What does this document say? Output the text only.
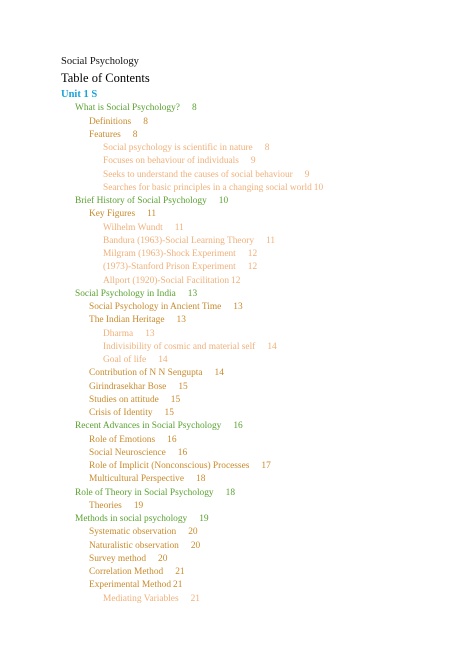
Social Psychology
Table of Contents
Unit 1 S
What is Social Psychology? 8
Definitions 8
Features 8
Social psychology is scientific in nature 8
Focuses on behaviour of individuals 9
Seeks to understand the causes of social behaviour 9
Searches for basic principles in a changing social world 10
Brief History of Social Psychology 10
Key Figures 11
Wilhelm Wundt 11
Bandura (1963)-Social Learning Theory 11
Milgram (1963)-Shock Experiment 12
(1973)-Stanford Prison Experiment 12
Allport (1920)-Social Facilitation 12
Social Psychology in India 13
Social Psychology in Ancient Time 13
The Indian Heritage 13
Dharma 13
Indivisibility of cosmic and material self 14
Goal of life 14
Contribution of N N Sengupta 14
Girindrasekhar Bose 15
Studies on attitude 15
Crisis of Identity 15
Recent Advances in Social Psychology 16
Role of Emotions 16
Social Neuroscience 16
Role of Implicit (Nonconscious) Processes 17
Multicultural Perspective 18
Role of Theory in Social Psychology 18
Theories 19
Methods in social psychology 19
Systematic observation 20
Naturalistic observation 20
Survey method 20
Correlation Method 21
Experimental Method 21
Mediating Variables 21
